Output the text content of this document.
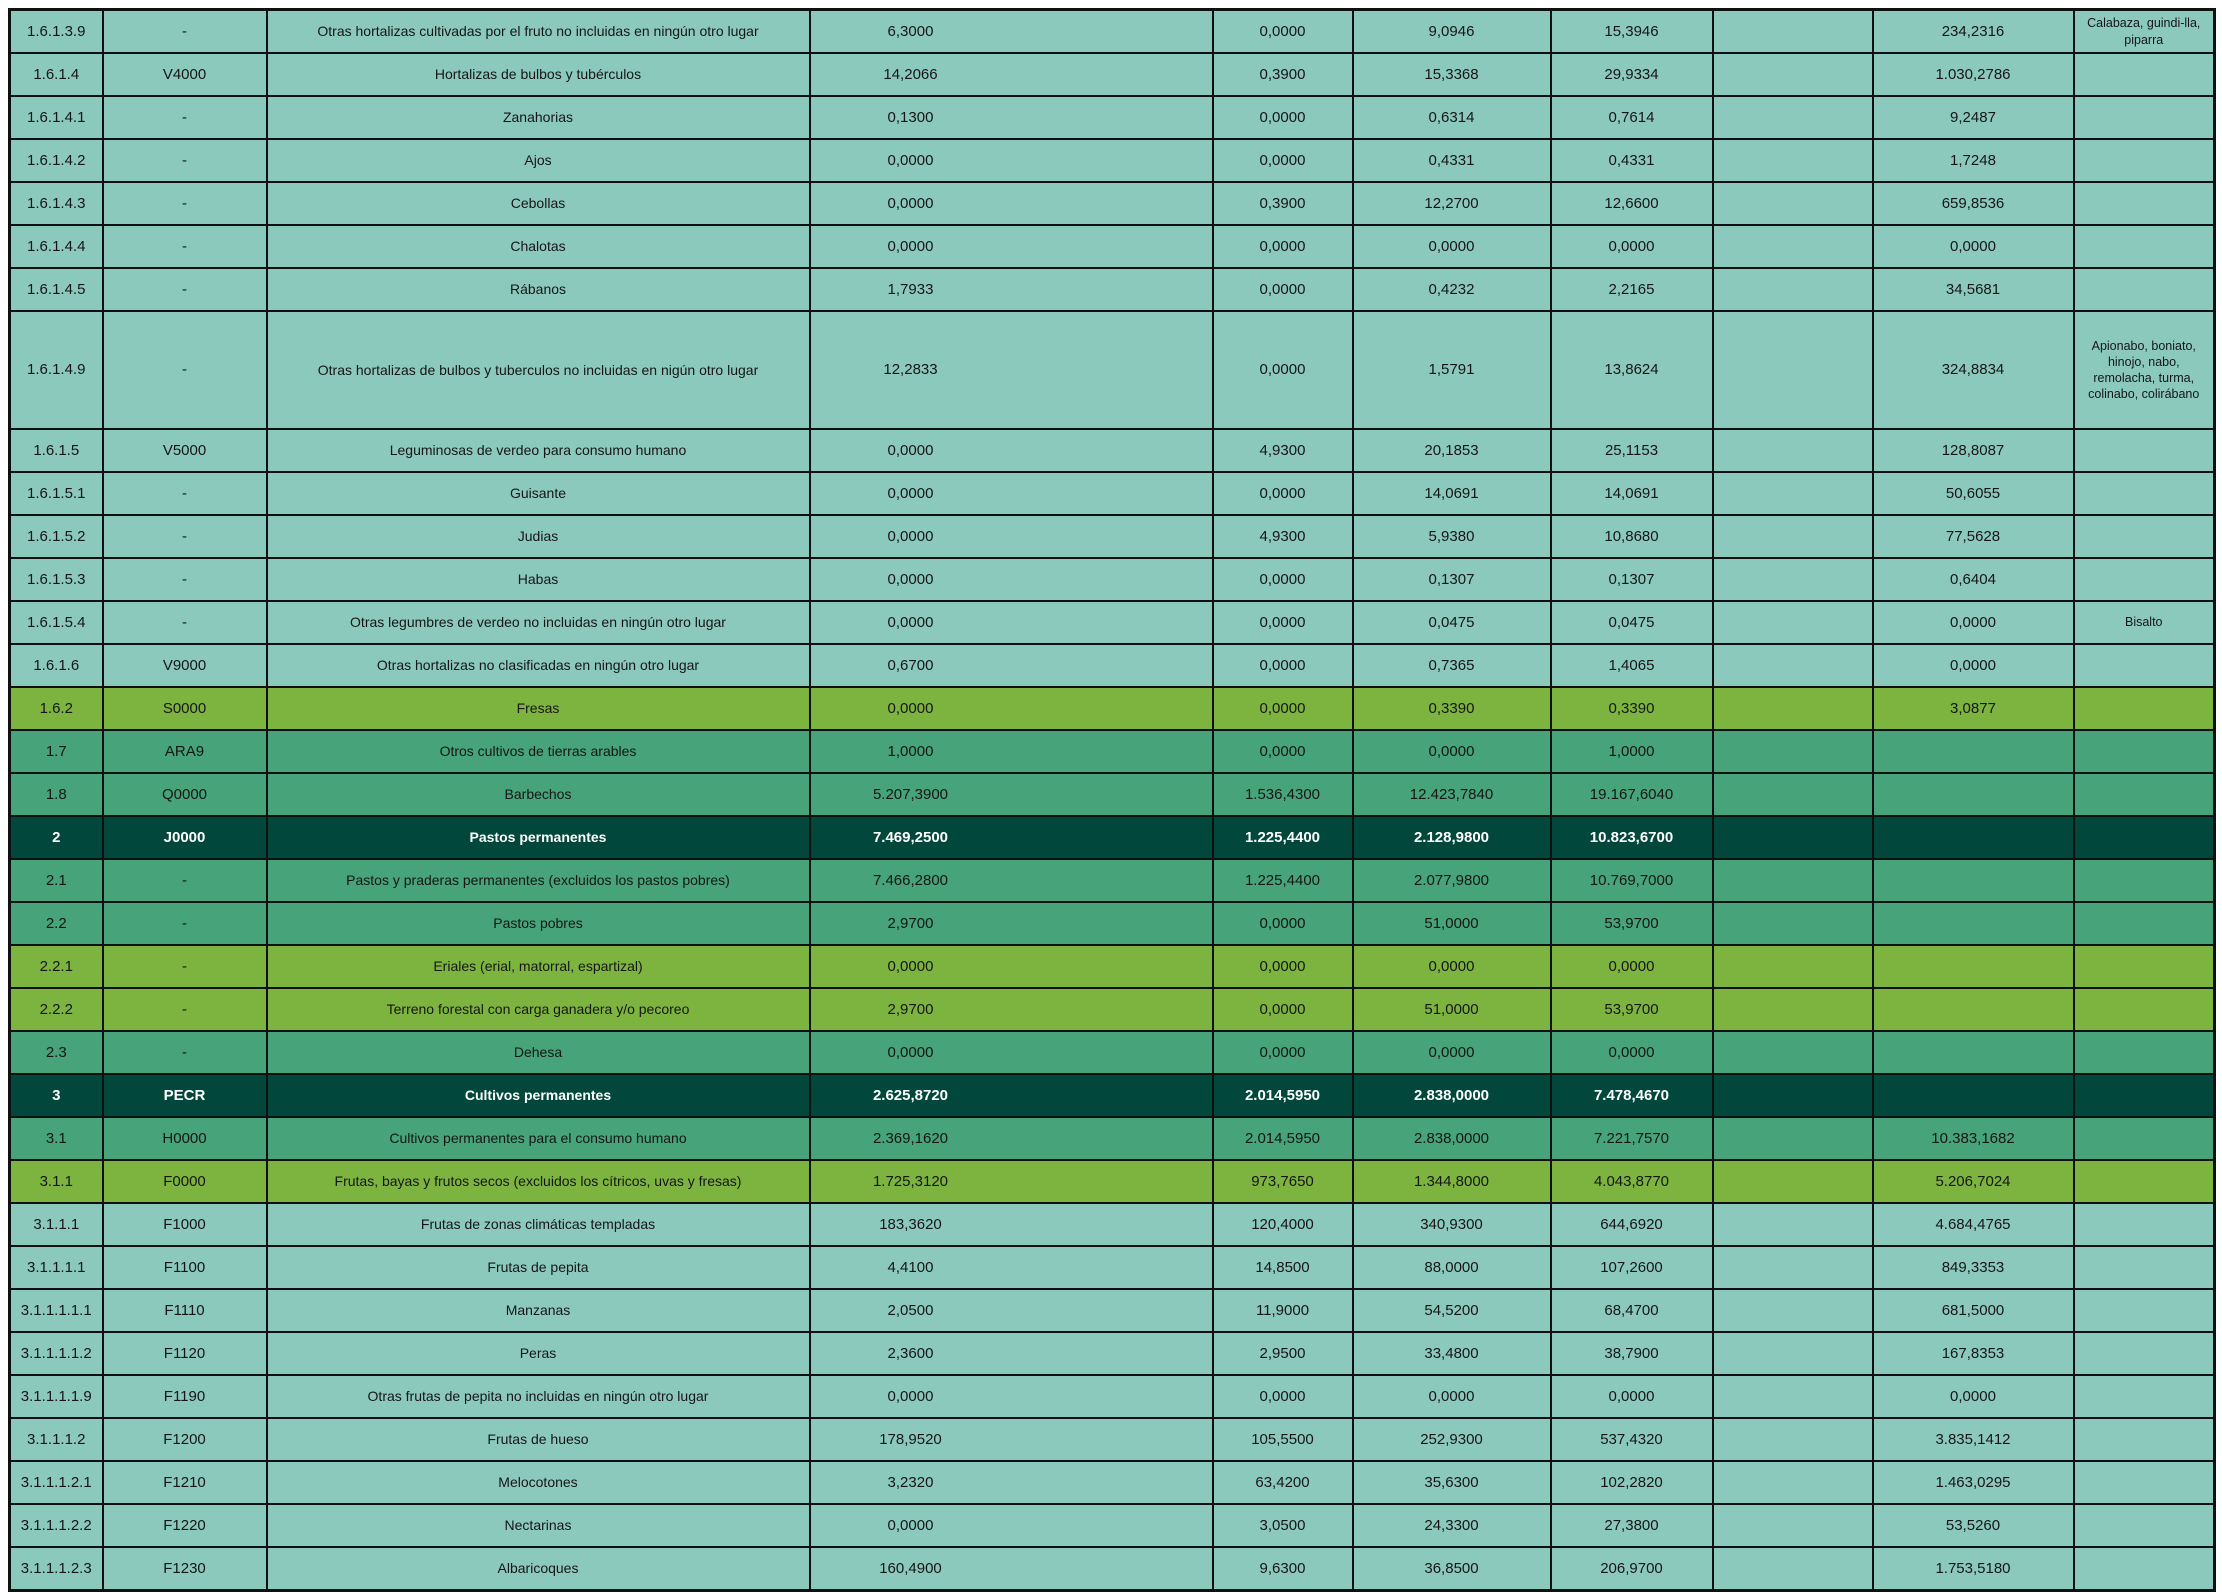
1.6.1.3.9	-	Otras hortalizas cultivadas por el fruto no incluidas en ningún otro lugar	6,3000	0,0000	9,0946	15,3946		234,2316	Calabaza, guindi-lla, piparra
1.6.1.4	V4000	Hortalizas de bulbos y tubérculos	14,2066	0,3900	15,3368	29,9334		1.030,2786	
1.6.1.4.1	-	Zanahorias	0,1300	0,0000	0,6314	0,7614		9,2487	
1.6.1.4.2	-	Ajos	0,0000	0,0000	0,4331	0,4331		1,7248	
1.6.1.4.3	-	Cebollas	0,0000	0,3900	12,2700	12,6600		659,8536	
1.6.1.4.4	-	Chalotas	0,0000	0,0000	0,0000	0,0000		0,0000	
1.6.1.4.5	-	Rábanos	1,7933	0,0000	0,4232	2,2165		34,5681	
1.6.1.4.9	-	Otras hortalizas de bulbos y tuberculos no incluidas en nigún otro lugar	12,2833	0,0000	1,5791	13,8624		324,8834	Apionabo, boniato, hinojo, nabo, remolacha, turma, colinabo, colirábano
1.6.1.5	V5000	Leguminosas de verdeo para consumo humano	0,0000	4,9300	20,1853	25,1153		128,8087	
1.6.1.5.1	-	Guisante	0,0000	0,0000	14,0691	14,0691		50,6055	
1.6.1.5.2	-	Judias	0,0000	4,9300	5,9380	10,8680		77,5628	
1.6.1.5.3	-	Habas	0,0000	0,0000	0,1307	0,1307		0,6404	
1.6.1.5.4	-	Otras legumbres de verdeo no incluidas en ningún otro lugar	0,0000	0,0000	0,0475	0,0475		0,0000	Bisalto
1.6.1.6	V9000	Otras hortalizas no clasificadas en ningún otro lugar	0,6700	0,0000	0,7365	1,4065		0,0000	
1.6.2	S0000	Fresas	0,0000	0,0000	0,3390	0,3390		3,0877	
1.7	ARA9	Otros cultivos de tierras arables	1,0000	0,0000	0,0000	1,0000			
1.8	Q0000	Barbechos	5.207,3900	1.536,4300	12.423,7840	19.167,6040			
2	J0000	Pastos permanentes	7.469,2500	1.225,4400	2.128,9800	10.823,6700			
2.1	-	Pastos y praderas permanentes (excluidos los pastos pobres)	7.466,2800	1.225,4400	2.077,9800	10.769,7000			
2.2	-	Pastos pobres	2,9700	0,0000	51,0000	53,9700			
2.2.1	-	Eriales (erial, matorral, espartizal)	0,0000	0,0000	0,0000	0,0000			
2.2.2	-	Terreno forestal con carga ganadera y/o pecoreo	2,9700	0,0000	51,0000	53,9700			
2.3	-	Dehesa	0,0000	0,0000	0,0000	0,0000			
3	PECR	Cultivos permanentes	2.625,8720	2.014,5950	2.838,0000	7.478,4670			
3.1	H0000	Cultivos permanentes para el consumo humano	2.369,1620	2.014,5950	2.838,0000	7.221,7570		10.383,1682	
3.1.1	F0000	Frutas, bayas y frutos secos (excluidos los cítricos, uvas y fresas)	1.725,3120	973,7650	1.344,8000	4.043,8770		5.206,7024	
3.1.1.1	F1000	Frutas de zonas climáticas templadas	183,3620	120,4000	340,9300	644,6920		4.684,4765	
3.1.1.1.1	F1100	Frutas de pepita	4,4100	14,8500	88,0000	107,2600		849,3353	
3.1.1.1.1.1	F1110	Manzanas	2,0500	11,9000	54,5200	68,4700		681,5000	
3.1.1.1.1.2	F1120	Peras	2,3600	2,9500	33,4800	38,7900		167,8353	
3.1.1.1.1.9	F1190	Otras frutas de pepita no incluidas en ningún otro lugar	0,0000	0,0000	0,0000	0,0000		0,0000	
3.1.1.1.2	F1200	Frutas de hueso	178,9520	105,5500	252,9300	537,4320		3.835,1412	
3.1.1.1.2.1	F1210	Melocotones	3,2320	63,4200	35,6300	102,2820		1.463,0295	
3.1.1.1.2.2	F1220	Nectarinas	0,0000	3,0500	24,3300	27,3800		53,5260	
3.1.1.1.2.3	F1230	Albaricoques	160,4900	9,6300	36,8500	206,9700		1.753,5180	
